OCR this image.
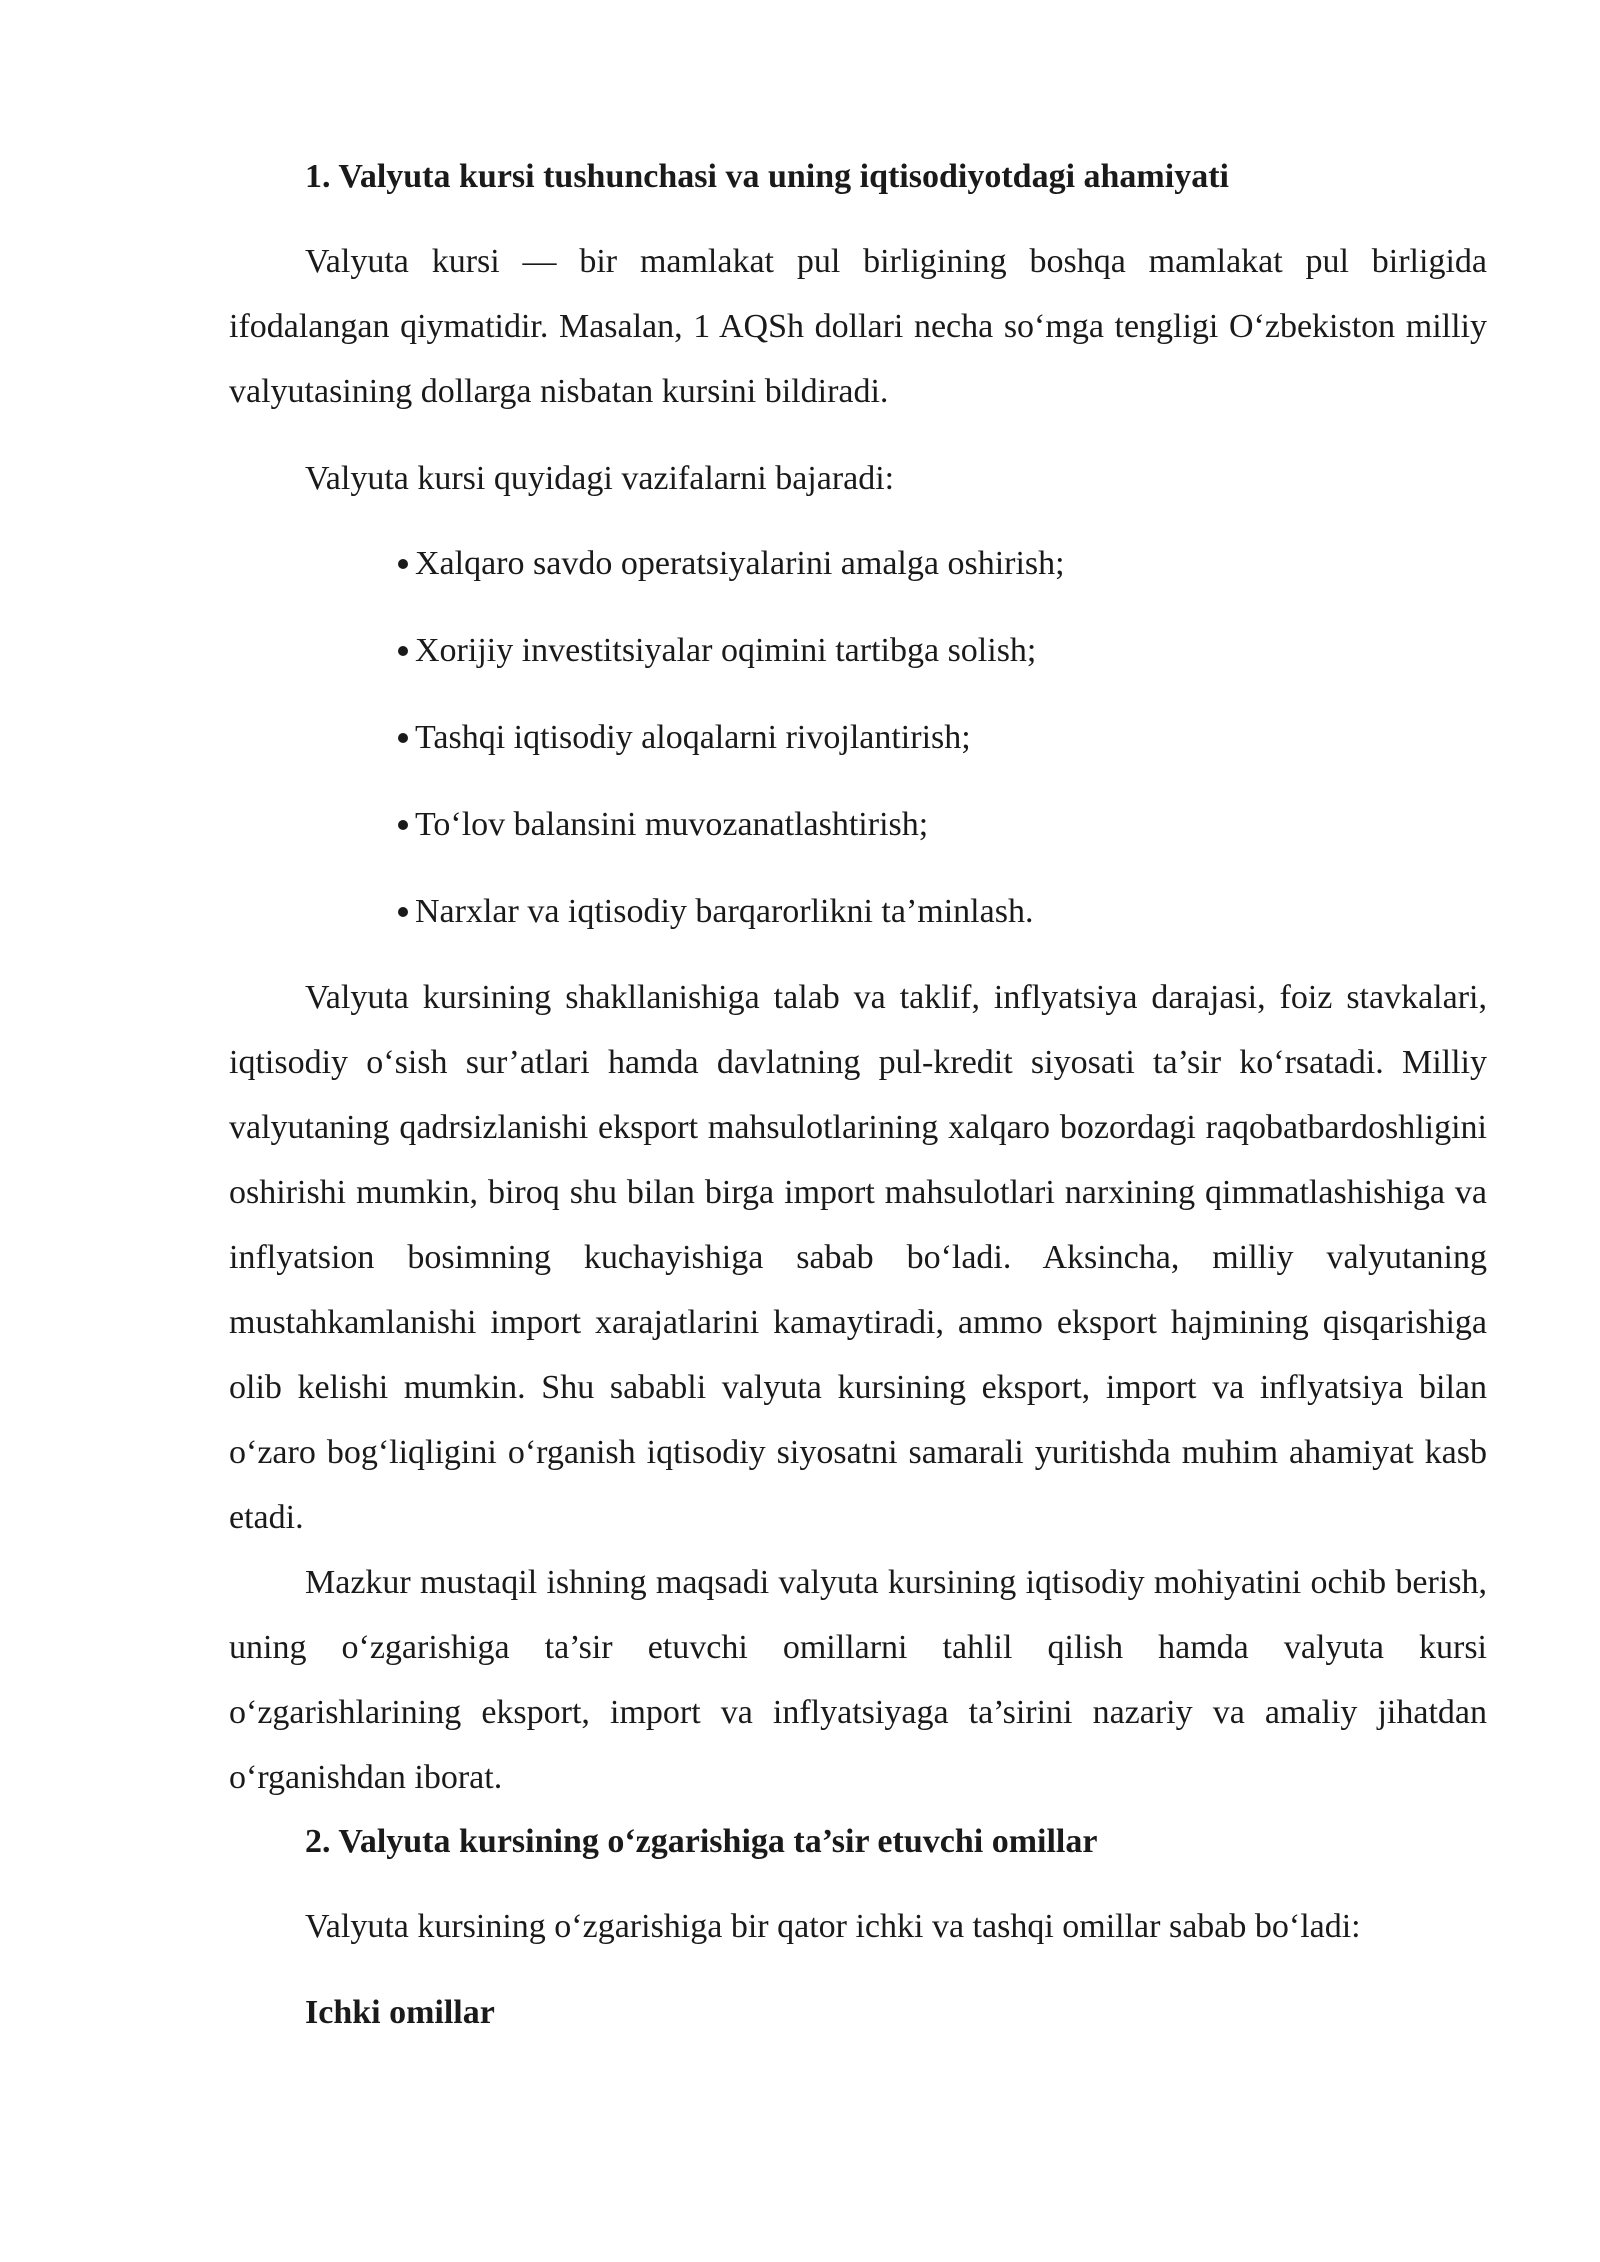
1. Valyuta kursi tushunchasi va uning iqtisodiyotdagi ahamiyati

Valyuta kursi — bir mamlakat pul birligining boshqa mamlakat pul birligida ifodalangan qiymatidir. Masalan, 1 AQSh dollari necha so‘mga tengligi O‘zbekiston milliy valyutasining dollarga nisbatan kursini bildiradi.

Valyuta kursi quyidagi vazifalarni bajaradi:
Xalqaro savdo operatsiyalarini amalga oshirish;
Xorijiy investitsiyalar oqimini tartibga solish;
Tashqi iqtisodiy aloqalarni rivojlantirish;
To‘lov balansini muvozanatlashtirish;
Narxlar va iqtisodiy barqarorlikni ta’minlash.

Valyuta kursining shakllanishiga talab va taklif, inflyatsiya darajasi, foiz stavkalari, iqtisodiy o‘sish sur’atlari hamda davlatning pul-kredit siyosati ta’sir ko‘rsatadi. Milliy valyutaning qadrsizlanishi eksport mahsulotlarining xalqaro bozordagi raqobatbardoshligini oshirishi mumkin, biroq shu bilan birga import mahsulotlari narxining qimmatlashishiga va inflyatsion bosimning kuchayishiga sabab bo‘ladi. Aksincha, milliy valyutaning mustahkamlanishi import xarajatlarini kamaytiradi, ammo eksport hajmining qisqarishiga olib kelishi mumkin. Shu sababli valyuta kursining eksport, import va inflyatsiya bilan o‘zaro bog‘liqligini o‘rganish iqtisodiy siyosatni samarali yuritishda muhim ahamiyat kasb etadi.

Mazkur mustaqil ishning maqsadi valyuta kursining iqtisodiy mohiyatini ochib berish, uning o‘zgarishiga ta’sir etuvchi omillarni tahlil qilish hamda valyuta kursi o‘zgarishlarining eksport, import va inflyatsiyaga ta’sirini nazariy va amaliy jihatdan o‘rganishdan iborat.

2. Valyuta kursining o‘zgarishiga ta’sir etuvchi omillar
Valyuta kursining o‘zgarishiga bir qator ichki va tashqi omillar sabab bo‘ladi:
Ichki omillar
